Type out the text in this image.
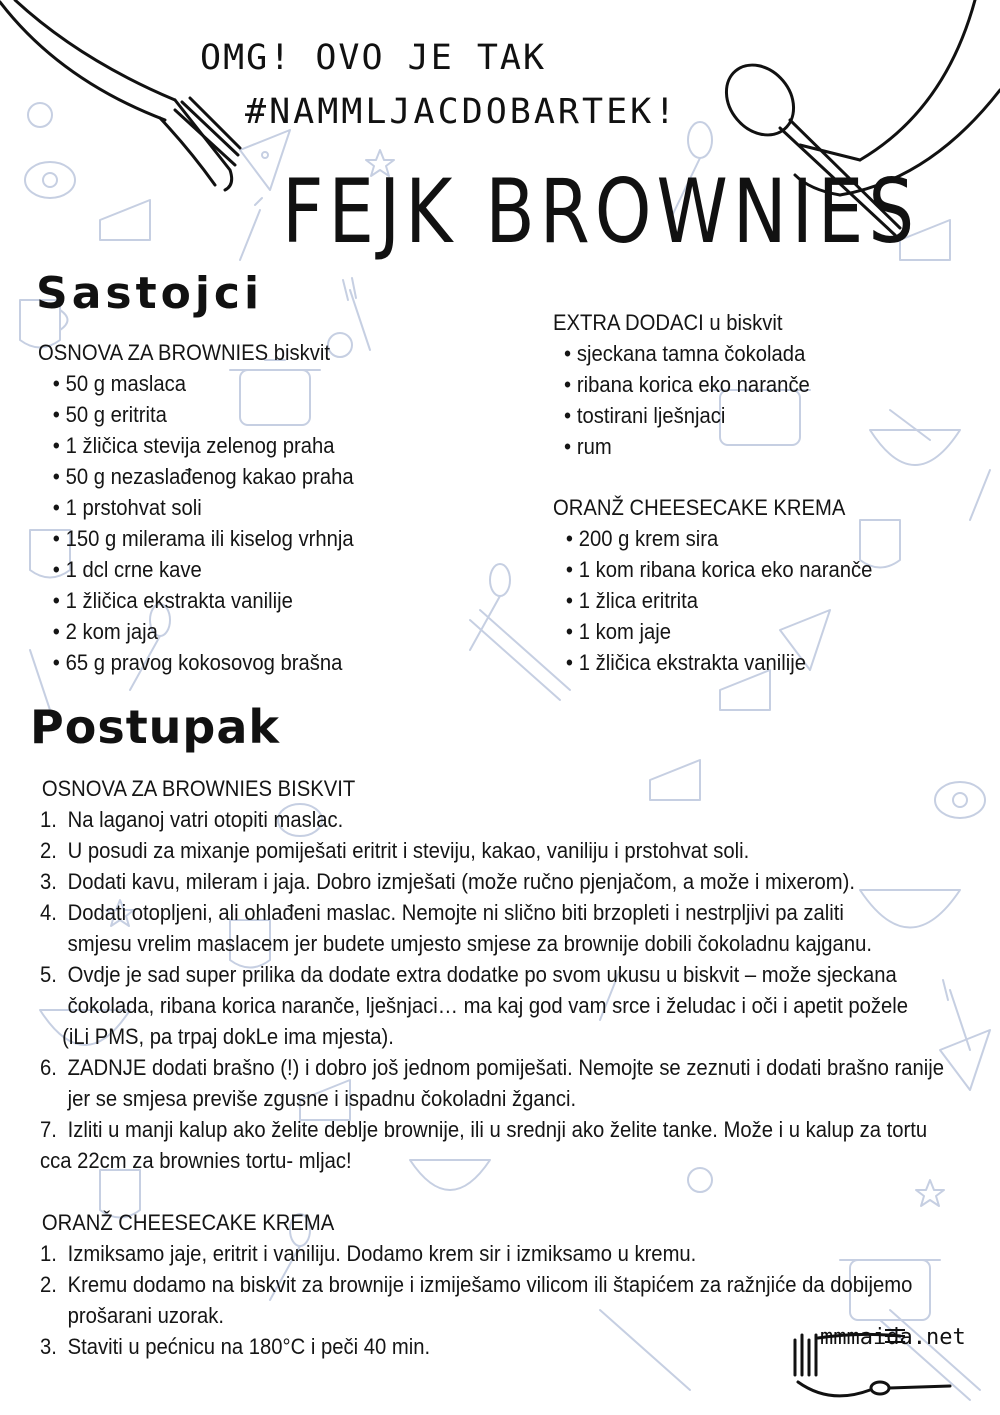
OMG! OVO JE TAK
#NAMMLJACDOBARTEK!
FEJK BROWNIES
Sastojci
OSNOVA ZA BROWNIES biskvit
• 50 g maslaca
• 50 g eritrita
• 1 žličica stevija zelenog praha
• 50 g nezaslađenog kakao praha
• 1 prstohvat soli
• 150 g milerama ili kiselog vrhnja
• 1 dcl crne kave
• 1 žličica ekstrakta vanilije
• 2 kom jaja
• 65 g pravog kokosovog brašna
EXTRA DODACI u biskvit
• sjeckana tamna čokolada
• ribana korica eko naranče
• tostirani lješnjaci
• rum
ORANŽ CHEESECAKE KREMA
• 200 g krem sira
• 1 kom ribana korica eko naranče
• 1 žlica eritrita
• 1 kom jaje
• 1 žličica ekstrakta vanilije
Postupak
OSNOVA ZA BROWNIES BISKVIT
1. Na laganoj vatri otopiti maslac.
2. U posudi za mixanje pomiješati eritrit i steviju, kakao, vaniliju i prstohvat soli.
3. Dodati kavu, mileram i jaja. Dobro izmješati (može ručno pjenjačom, a može i mixerom).
4. Dodati otopljeni, ali ohlađeni maslac. Nemojte ni slično biti brzopleti i nestrpljivi pa zaliti
smjesu vrelim maslacem jer budete umjesto smjese za brownije dobili čokoladnu kajganu.
5. Ovdje je sad super prilika da dodate extra dodatke po svom ukusu u biskvit – može sjeckana
čokolada, ribana korica naranče, lješnjaci… ma kaj god vam srce i želudac i oči i apetit požele
(iLi PMS, pa trpaj dokLe ima mjesta).
6. ZADNJE dodati brašno (!) i dobro još jednom pomiješati. Nemojte se zeznuti i dodati brašno ranije
jer se smjesa previše zgusne i ispadnu čokoladni žganci.
7. Izliti u manji kalup ako želite deblje brownije, ili u srednji ako želite tanke. Može i u kalup za tortu
cca 22cm za brownies tortu- mljac!
ORANŽ CHEESECAKE KREMA
1. Izmiksamo jaje, eritrit i vaniliju. Dodamo krem sir i izmiksamo u kremu.
2. Kremu dodamo na biskvit za brownije i izmiješamo vilicom ili štapićem za ražnjiće da dobijemo
prošarani uzorak.
3. Staviti u pećnicu na 180°C i peči 40 min.	mmmaida.net
